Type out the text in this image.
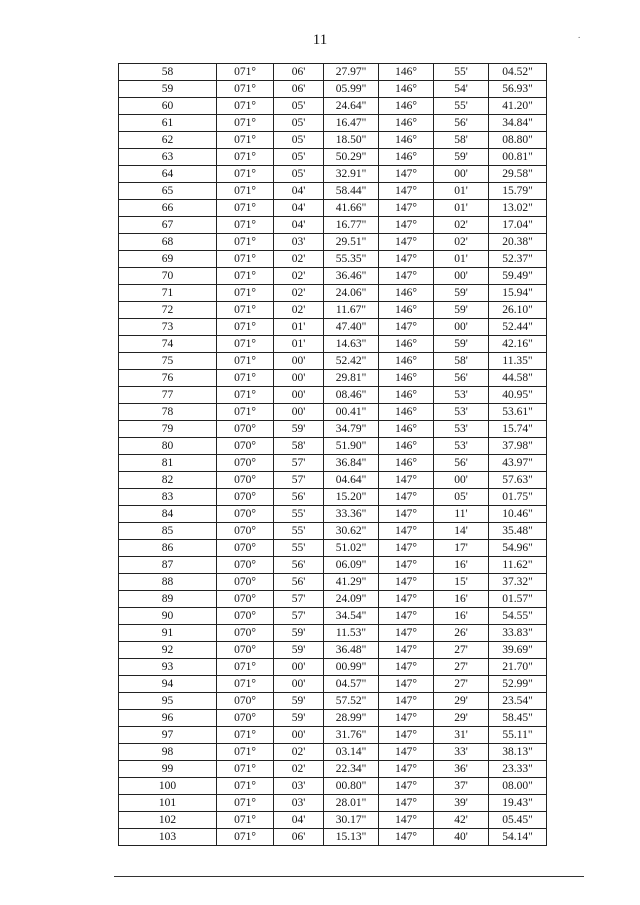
11	.
58	071°	06'	27.97"	146°	55'	04.52"
59	071°	06'	05.99"	146°	54'	56.93"
60	071°	05'	24.64"	146°	55'	41.20"
61	071°	05'	16.47"	146°	56'	34.84"
62	071°	05'	18.50"	146°	58'	08.80"
63	071°	05'	50.29"	146°	59'	00.81"
64	071°	05'	32.91"	147°	00'	29.58"
65	071°	04'	58.44"	147°	01'	15.79"
66	071°	04'	41.66"	147°	01'	13.02"
67	071°	04'	16.77"	147°	02'	17.04"
68	071°	03'	29.51"	147°	02'	20.38"
69	071°	02'	55.35"	147°	01'	52.37"
70	071°	02'	36.46"	147°	00'	59.49"
71	071°	02'	24.06"	146°	59'	15.94"
72	071°	02'	11.67"	146°	59'	26.10"
73	071°	01'	47.40"	147°	00'	52.44"
74	071°	01'	14.63"	146°	59'	42.16"
75	071°	00'	52.42"	146°	58'	11.35"
76	071°	00'	29.81"	146°	56'	44.58"
77	071°	00'	08.46"	146°	53'	40.95"
78	071°	00'	00.41"	146°	53'	53.61"
79	070°	59'	34.79"	146°	53'	15.74"
80	070°	58'	51.90"	146°	53'	37.98"
81	070°	57'	36.84"	146°	56'	43.97"
82	070°	57'	04.64"	147°	00'	57.63"
83	070°	56'	15.20"	147°	05'	01.75"
84	070°	55'	33.36"	147°	11'	10.46"
85	070°	55'	30.62"	147°	14'	35.48"
86	070°	55'	51.02"	147°	17'	54.96"
87	070°	56'	06.09"	147°	16'	11.62"
88	070°	56'	41.29"	147°	15'	37.32"
89	070°	57'	24.09"	147°	16'	01.57"
90	070°	57'	34.54"	147°	16'	54.55"
91	070°	59'	11.53"	147°	26'	33.83"
92	070°	59'	36.48"	147°	27'	39.69"
93	071°	00'	00.99"	147°	27'	21.70"
94	071°	00'	04.57"	147°	27'	52.99"
95	070°	59'	57.52"	147°	29'	23.54"
96	070°	59'	28.99"	147°	29'	58.45"
97	071°	00'	31.76"	147°	31'	55.11"
98	071°	02'	03.14"	147°	33'	38.13"
99	071°	02'	22.34"	147°	36'	23.33"
100	071°	03'	00.80"	147°	37'	08.00"
101	071°	03'	28.01"	147°	39'	19.43"
102	071°	04'	30.17"	147°	42'	05.45"
103	071°	06'	15.13"	147°	40'	54.14"
